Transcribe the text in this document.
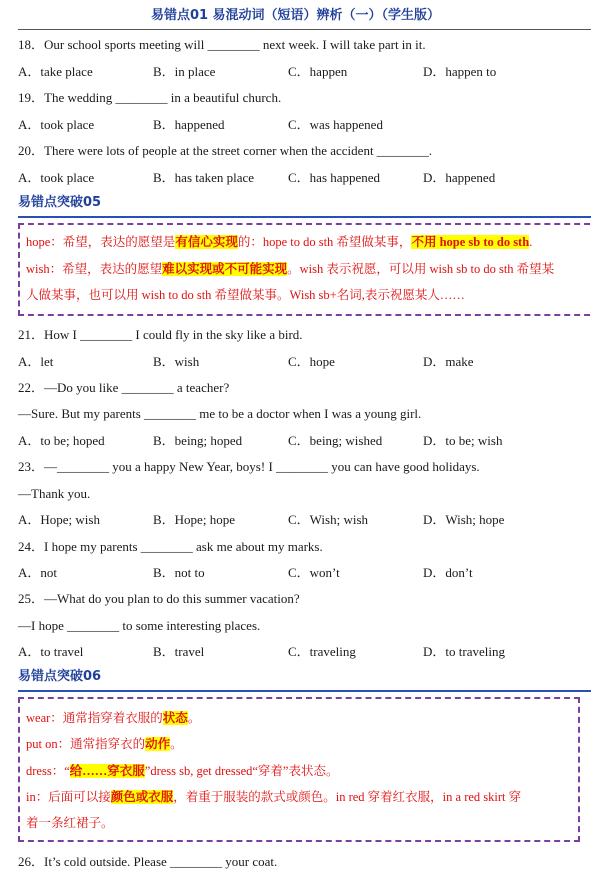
易错点01 易混动词（短语）辨析（一）（学生版）
18．Our school sports meeting will ________ next week. I will take part in it.
A．take place	B．in place	C．happen	D．happen to
19．The wedding ________ in a beautiful church.
A．took place	B．happened	C．was happened
20．There were lots of people at the street corner when the accident ________.
A．took place	B．has taken place	C．has happened	D．happened
易错点突破05
hope：希望，表达的愿望是有信心实现的：hope to do sth 希望做某事，不用 hope sb to do sth.
wish：希望，表达的愿望难以实现或不可能实现。wish 表示祝愿，可以用 wish sb to do sth 希望某
人做某事，也可以用 wish to do sth 希望做某事。Wish sb+名词,表示祝愿某人……
21．How I ________ I could fly in the sky like a bird.
A．let	B．wish	C．hope	D．make
22．—Do you like ________ a teacher?
—Sure. But my parents ________ me to be a doctor when I was a young girl.
A．to be; hoped	B．being; hoped	C．being; wished	D．to be; wish
23．—________ you a happy New Year, boys! I ________ you can have good holidays.
—Thank you.
A．Hope; wish	B．Hope; hope	C．Wish; wish	D．Wish; hope
24．I hope my parents ________ ask me about my marks.
A．not	B．not to	C．won’t	D．don’t
25．—What do you plan to do this summer vacation?
—I hope ________ to some interesting places.
A．to travel	B．travel	C．traveling	D．to traveling
易错点突破06
wear：通常指穿着衣服的状态。
put on：通常指穿衣的动作。
dress：“给……穿衣服”dress sb, get dressed“穿着”表状态。
in：后面可以接颜色或衣服，着重于服装的款式或颜色。in red 穿着红衣服，in a red skirt 穿
着一条红裙子。
26．It’s cold outside. Please ________ your coat.
